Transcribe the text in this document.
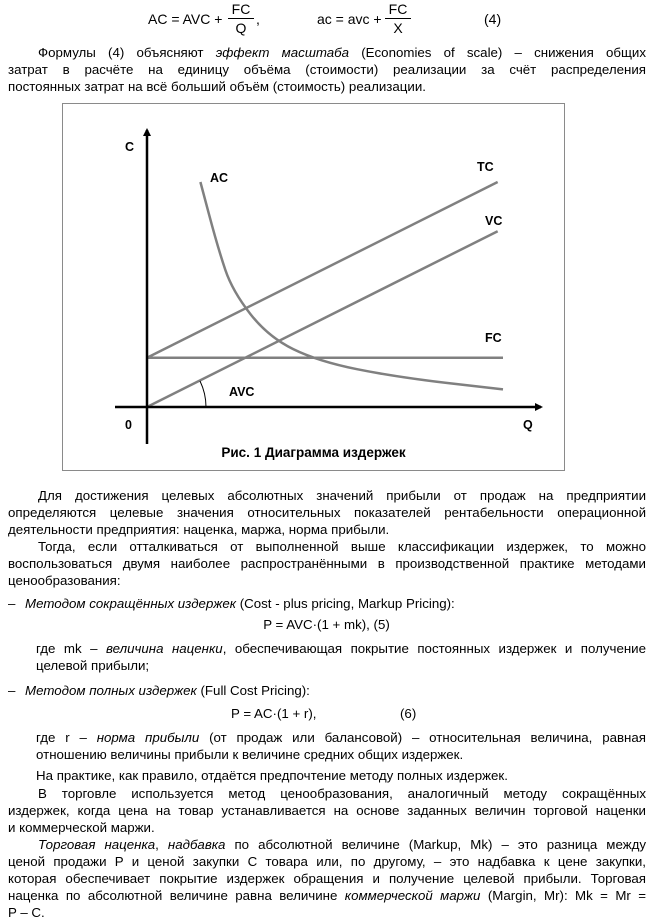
AC = AVC +
FC
Q
,	ac = avc +
FC
X
(4)
Формулы (4) объясняют эффект масштаба (Economies of scale) – снижения общих
затрат в расчёте на единицу объёма (стоимости) реализации за счёт распределения
постоянных затрат на всё больший объём (стоимость) реализации.
C
Q
0
AVC
TC
VC
FC
AC
Рис. 1 Диаграмма издержек
Для достижения целевых абсолютных значений прибыли от продаж на предприятии
определяются целевые значения относительных показателей рентабельности операционной
деятельности предприятия: наценка, маржа, норма прибыли.
Тогда, если отталкиваться от выполненной выше классификации издержек, то можно
воспользоваться двумя наиболее распространёнными в производственной практике методами
ценообразования:
– Методом сокращённых издержек (Cost - plus pricing, Markup Pricing):
P = AVC·(1 + mk), (5)
где mk – величина наценки, обеспечивающая покрытие постоянных издержек и получение
целевой прибыли;
– Методом полных издержек (Full Cost Pricing):
P = AC·(1 + r),	(6)
где r – норма прибыли (от продаж или балансовой) – относительная величина, равная
отношению величины прибыли к величине средних общих издержек.
На практике, как правило, отдаётся предпочтение методу полных издержек.
В торговле используется метод ценообразования, аналогичный методу сокращённых
издержек, когда цена на товар устанавливается на основе заданных величин торговой наценки
и коммерческой маржи.
Торговая наценка, надбавка по абсолютной величине (Markup, Mk) – это разница между
ценой продажи P и ценой закупки C товара или, по другому, – это надбавка к цене закупки,
которая обеспечивает покрытие издержек обращения и получение целевой прибыли. Торговая
наценка по абсолютной величине равна величине коммерческой маржи (Margin, Mr): Mk = Mr =
P – C.
